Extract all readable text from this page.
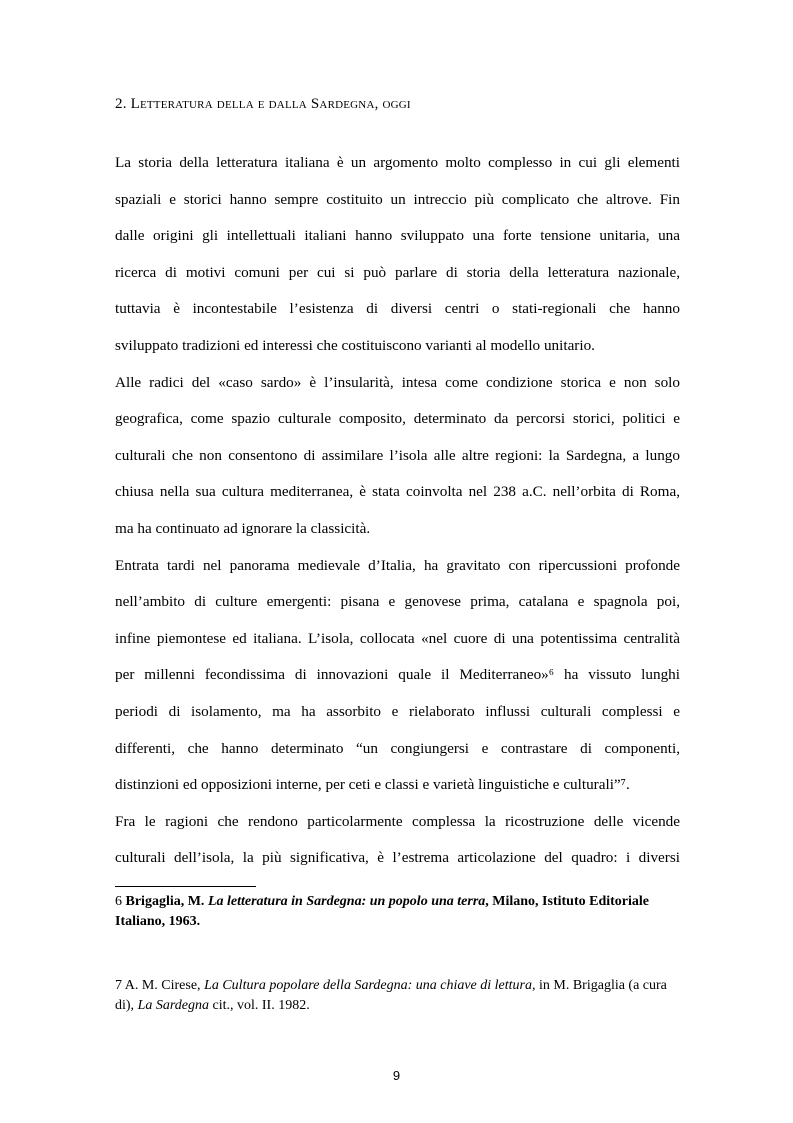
2. Letteratura della e dalla Sardegna, oggi

La storia della letteratura italiana è un argomento molto complesso in cui gli elementi
spaziali e storici hanno sempre costituito un intreccio più complicato che altrove. Fin
dalle origini gli intellettuali italiani hanno sviluppato una forte tensione unitaria, una
ricerca di motivi comuni per cui si può parlare di storia della letteratura nazionale,
tuttavia è incontestabile l’esistenza di diversi centri o stati-regionali che hanno

sviluppato tradizioni ed interessi che costituiscono varianti al modello unitario.

Alle radici del «caso sardo» è l’insularità, intesa come condizione storica e non solo
geografica, come spazio culturale composito, determinato da percorsi storici, politici e
culturali che non consentono di assimilare l’isola alle altre regioni: la Sardegna, a lungo
chiusa nella sua cultura mediterranea, è stata coinvolta nel 238 a.C. nell’orbita di Roma,

ma ha continuato ad ignorare la classicità.

Entrata tardi nel panorama medievale d’Italia, ha gravitato con ripercussioni profonde
nell’ambito di culture emergenti: pisana e genovese prima, catalana e spagnola poi,
infine piemontese ed italiana. L’isola, collocata «nel cuore di una potentissima centralità
per millenni fecondissima di innovazioni quale il Mediterraneo»⁶ ha vissuto lunghi
periodi di isolamento, ma ha assorbito e rielaborato influssi culturali complessi e
differenti, che hanno determinato “un congiungersi e contrastare di componenti,

distinzioni ed opposizioni interne, per ceti e classi e varietà linguistiche e culturali”⁷.

Fra le ragioni che rendono particolarmente complessa la ricostruzione delle vicende
culturali dell’isola, la più significativa, è l’estrema articolazione del quadro: i diversi

6 Brigaglia, M. La letteratura in Sardegna: un popolo una terra, Milano, Istituto Editoriale Italiano, 1963.
7 A. M. Cirese, La Cultura popolare della Sardegna: una chiave di lettura, in M. Brigaglia (a cura di), La Sardegna cit., vol. II. 1982.
9
